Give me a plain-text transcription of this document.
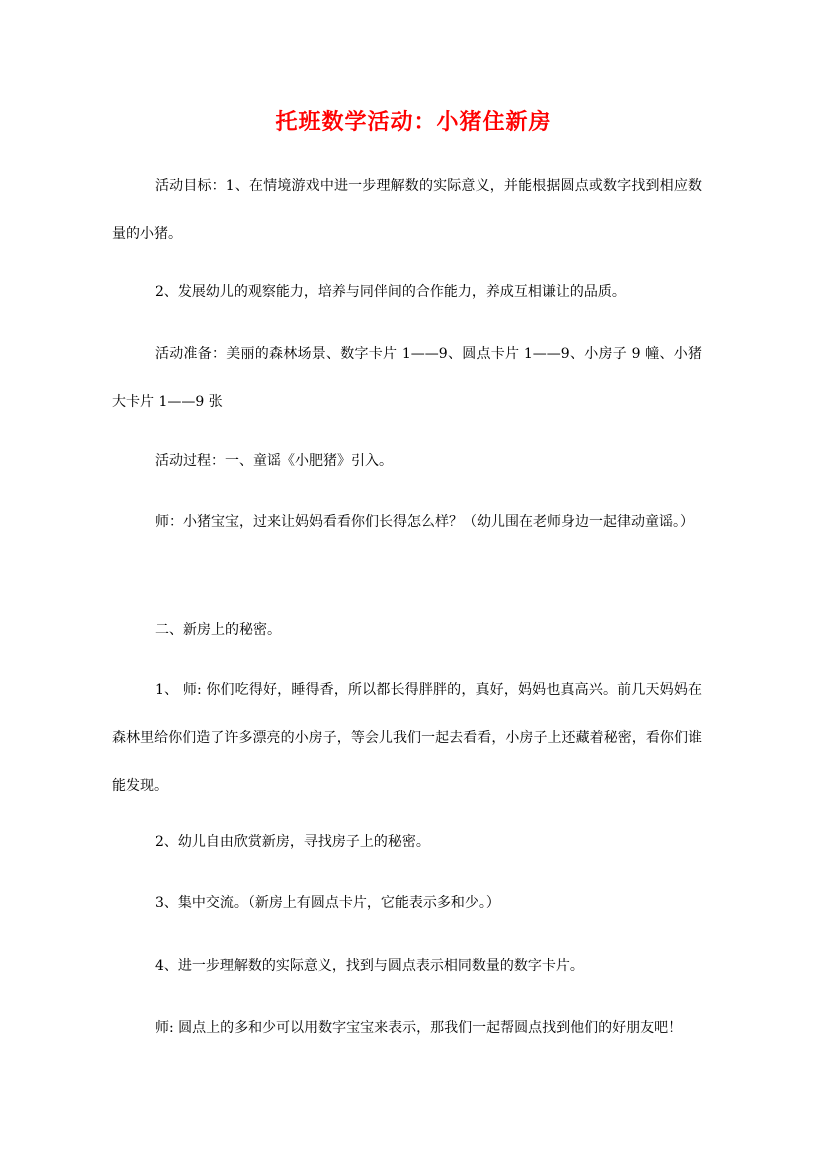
托班数学活动：小猪住新房

活动目标：1、在情境游戏中进一步理解数的实际意义，并能根据圆点或数字找到相应数量的小猪。

2、发展幼儿的观察能力，培养与同伴间的合作能力，养成互相谦让的品质。

活动准备：美丽的森林场景、数字卡片 1——9、圆点卡片 1——9、小房子 9 幢、小猪大卡片 1——9 张

活动过程：一、童谣《小肥猪》引入。

师：小猪宝宝，过来让妈妈看看你们长得怎么样？（幼儿围在老师身边一起律动童谣。）

二、新房上的秘密。

1、 师: 你们吃得好，睡得香，所以都长得胖胖的，真好，妈妈也真高兴。前几天妈妈在森林里给你们造了许多漂亮的小房子，等会儿我们一起去看看，小房子上还藏着秘密，看你们谁能发现。

2、幼儿自由欣赏新房，寻找房子上的秘密。

3、集中交流。（新房上有圆点卡片，它能表示多和少。）

4、进一步理解数的实际意义，找到与圆点表示相同数量的数字卡片。

师: 圆点上的多和少可以用数字宝宝来表示，那我们一起帮圆点找到他们的好朋友吧！
